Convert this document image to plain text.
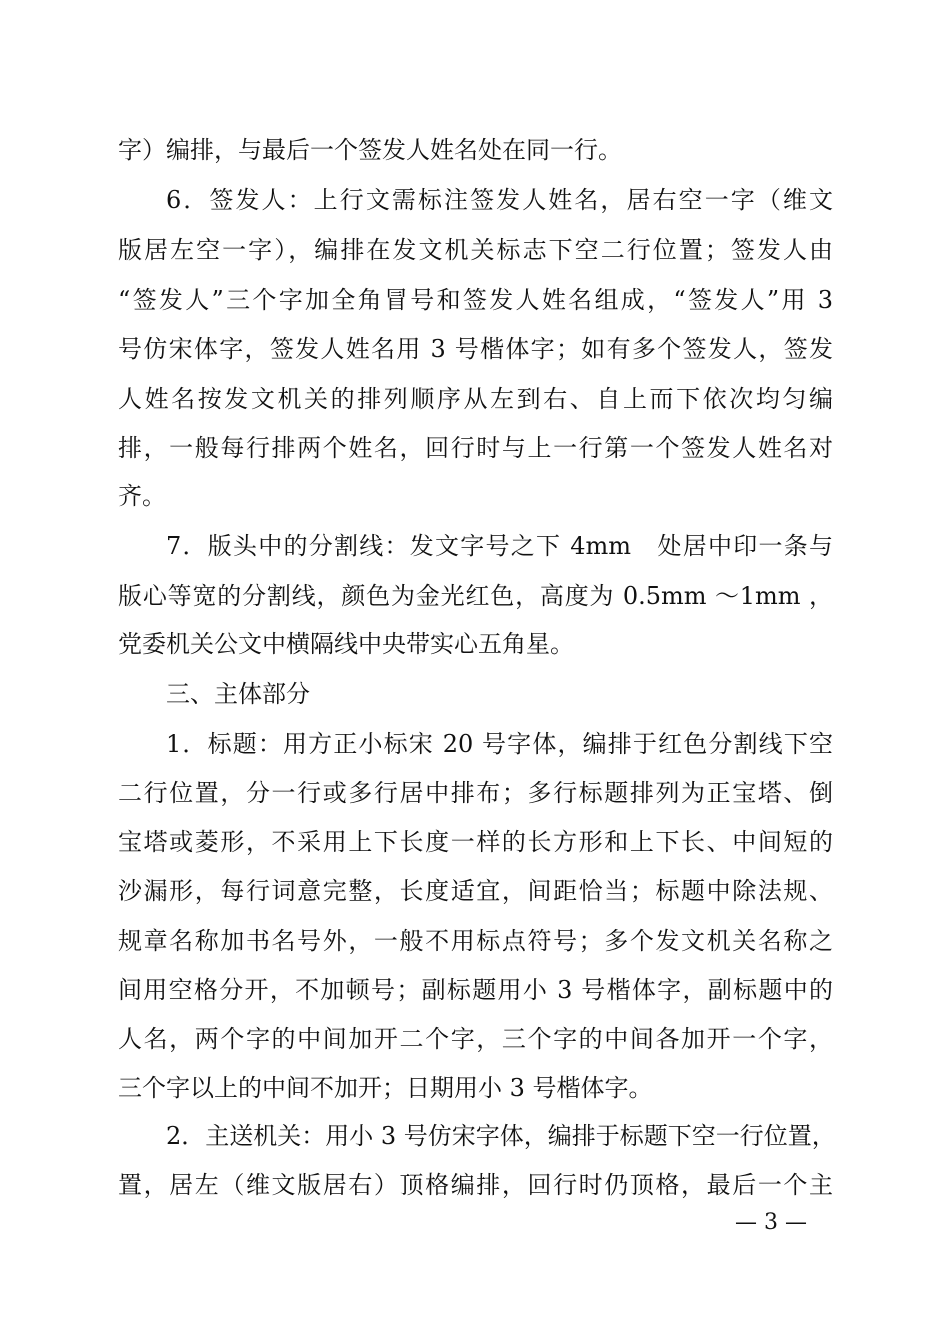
字）编排，与最后一个签发人姓名处在同一行。
6．签发人：上行文需标注签发人姓名，居右空一字（维文
版居左空一字），编排在发文机关标志下空二行位置；签发人由
“签发人”三个字加全角冒号和签发人姓名组成，“签发人”用 3
号仿宋体字，签发人姓名用 3 号楷体字；如有多个签发人，签发
人姓名按发文机关的排列顺序从左到右、自上而下依次均匀编
排，一般每行排两个姓名，回行时与上一行第一个签发人姓名对
齐。
7．版头中的分割线：发文字号之下 4mm　处居中印一条与
版心等宽的分割线，颜色为金光红色，高度为 0.5mm ～1mm ，
党委机关公文中横隔线中央带实心五角星。
三、主体部分
1．标题：用方正小标宋 20 号字体，编排于红色分割线下空
二行位置，分一行或多行居中排布；多行标题排列为正宝塔、倒
宝塔或菱形，不采用上下长度一样的长方形和上下长、中间短的
沙漏形，每行词意完整，长度适宜，间距恰当；标题中除法规、
规章名称加书名号外，一般不用标点符号；多个发文机关名称之
间用空格分开，不加顿号；副标题用小 3 号楷体字，副标题中的
人名，两个字的中间加开二个字，三个字的中间各加开一个字，
三个字以上的中间不加开；日期用小 3 号楷体字。
2．主送机关：用小 3 号仿宋字体，编排于标题下空一行位置，
置，居左（维文版居右）顶格编排，回行时仍顶格，最后一个主
— 3 —
